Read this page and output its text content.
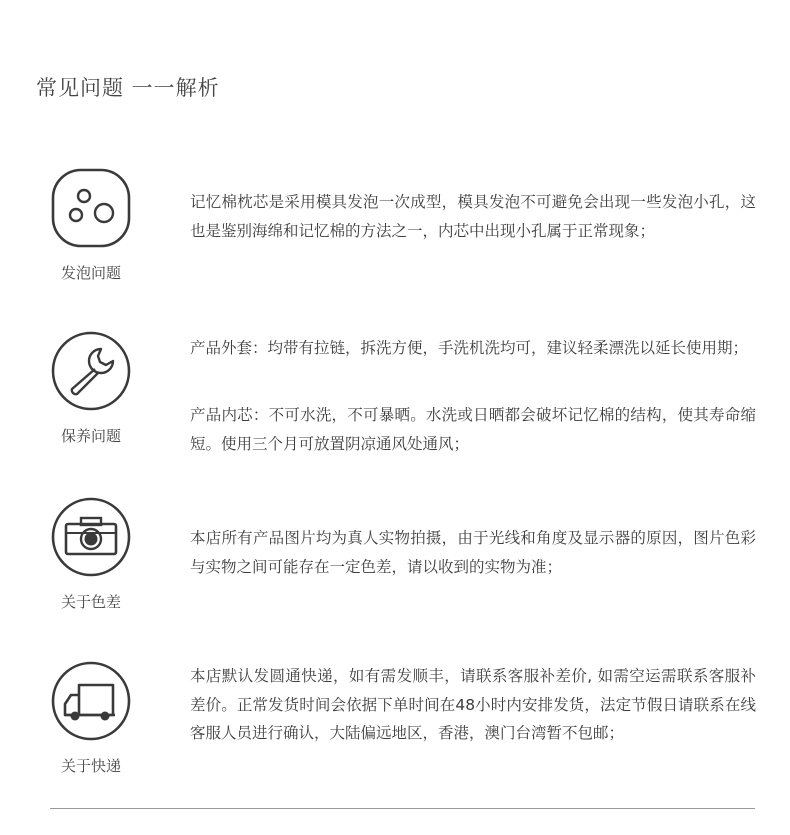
常见问题 一一解析
发泡问题

记忆棉枕芯是采用模具发泡一次成型，模具发泡不可避免会出现一些发泡小孔，这也是鉴别海绵和记忆棉的方法之一，内芯中出现小孔属于正常现象；

保养问题

产品外套：均带有拉链，拆洗方便，手洗机洗均可，建议轻柔漂洗以延长使用期；

产品内芯：不可水洗，不可暴晒。水洗或日晒都会破坏记忆棉的结构，使其寿命缩短。使用三个月可放置阴凉通风处通风；

关于色差

本店所有产品图片均为真人实物拍摄，由于光线和角度及显示器的原因，图片色彩与实物之间可能存在一定色差，请以收到的实物为准；

关于快递

本店默认发圆通快递，如有需发顺丰，请联系客服补差价, 如需空运需联系客服补差价。正常发货时间会依据下单时间在48小时内安排发货，法定节假日请联系在线客服人员进行确认，大陆偏远地区，香港，澳门台湾暂不包邮；
